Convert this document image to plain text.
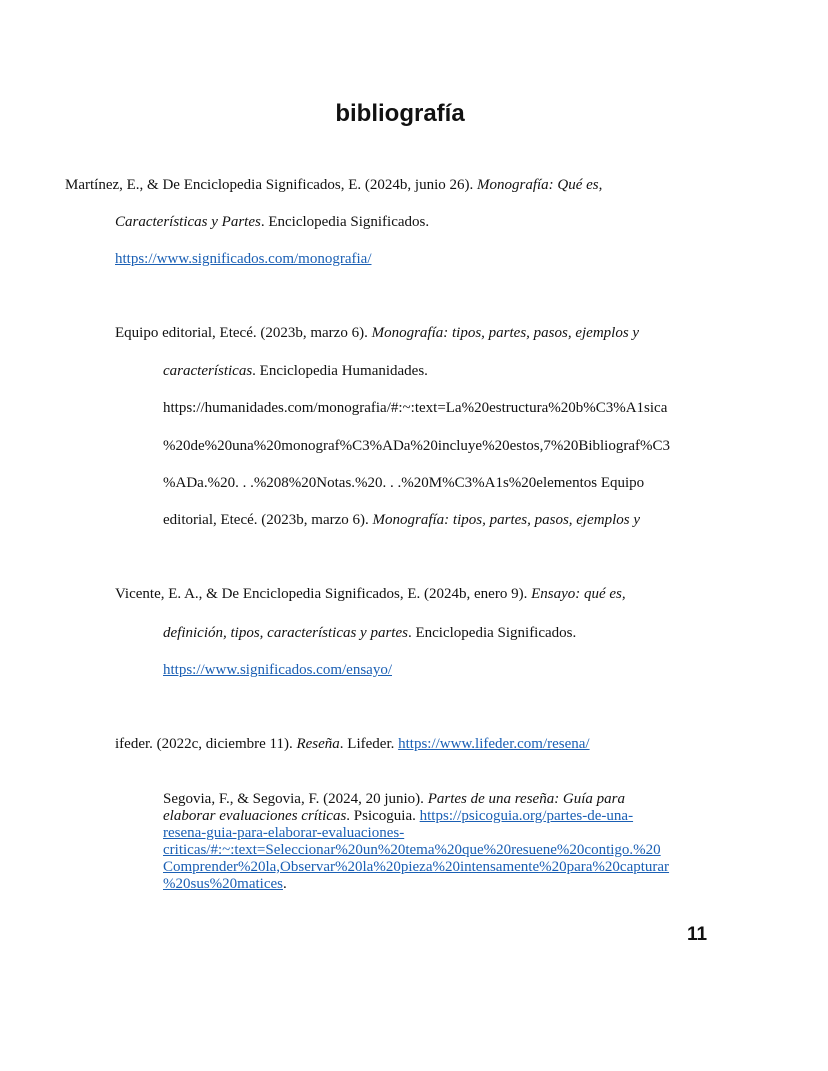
bibliografía
Martínez, E., & De Enciclopedia Significados, E. (2024b, junio 26). Monografía: Qué es,
Características y Partes. Enciclopedia Significados.
https://www.significados.com/monografia/
Equipo editorial, Etecé. (2023b, marzo 6). Monografía: tipos, partes, pasos, ejemplos y
características. Enciclopedia Humanidades.
https://humanidades.com/monografia/#:~:text=La%20estructura%20b%C3%A1sica
%20de%20una%20monograf%C3%ADa%20incluye%20estos,7%20Bibliograf%C3
%ADa.%20. . .%208%20Notas.%20. . .%20M%C3%A1s%20elementos Equipo
editorial, Etecé. (2023b, marzo 6). Monografía: tipos, partes, pasos, ejemplos y
Vicente, E. A., & De Enciclopedia Significados, E. (2024b, enero 9). Ensayo: qué es,
definición, tipos, características y partes. Enciclopedia Significados.
https://www.significados.com/ensayo/
ifeder. (2022c, diciembre 11). Reseña. Lifeder. https://www.lifeder.com/resena/
Segovia, F., & Segovia, F. (2024, 20 junio). Partes de una reseña: Guía para
elaborar evaluaciones críticas. Psicoguia. https://psicoguia.org/partes-de-una-
resena-guia-para-elaborar-evaluaciones-
criticas/#:~:text=Seleccionar%20un%20tema%20que%20resuene%20contigo.%20
Comprender%20la,Observar%20la%20pieza%20intensamente%20para%20capturar
%20sus%20matices.
11
